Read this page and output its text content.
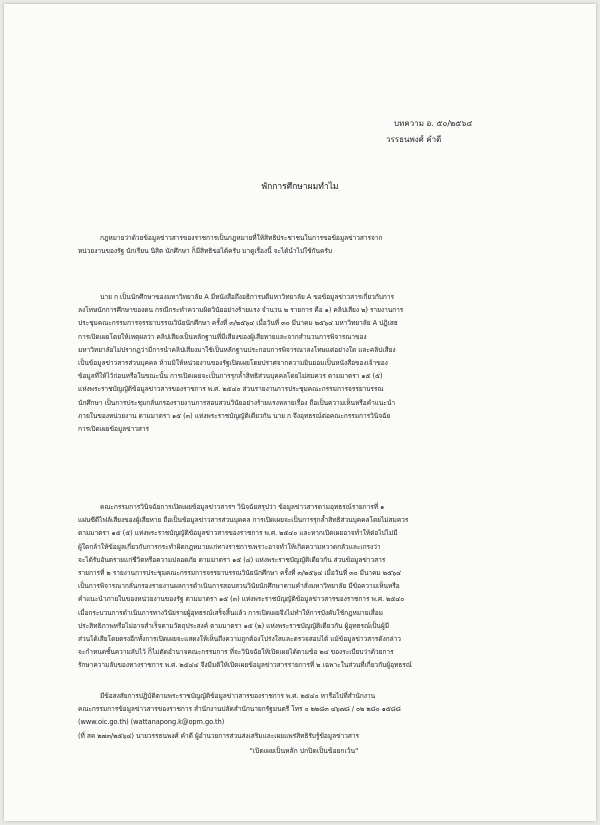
บทความ อ. ๕๐/๒๕๖๔
วรรธนพงศ์ คำดี
พักการศึกษาผมทำไม
กฎหมายว่าด้วยข้อมูลข่าวสารของราชการเป็นกฎหมายที่ให้สิทธิประชาชนในการขอข้อมูลข่าวสารจาก
หน่วยงานของรัฐ นักเรียน นิสิต นักศึกษา ก็มีสิทธิขอได้ครับ มาดูเรื่องนี้ จะได้นำไปใช้กันครับ
นาย ก เป็นนักศึกษาของมหาวิทยาลัย A มีหนังสือถึงอธิการบดีมหาวิทยาลัย A ขอข้อมูลข่าวสารเกี่ยวกับการ
ลงโทษนักการศึกษาของตน กรณีกระทำความผิดวินัยอย่างร้ายแรง จำนวน ๒ รายการ คือ ๑) คลิปเสียง ๒) รายงานการ
ประชุมคณะกรรมการจรรยาบรรณวินัยนักศึกษา ครั้งที่ ๓/๒๕๖๔ เมื่อวันที่ ๓๐ มีนาคม ๒๕๖๔ มหาวิทยาลัย A ปฏิเสธ
การเปิดเผยโดยให้เหตุผลว่า คลิปเสียงเป็นหลักฐานที่มีเสียงของผู้เสียหายและจากสำนวนการพิจารณาของ
มหาวิทยาลัยไม่ปรากฏว่ามีการนำคลิปเสียงมาใช้เป็นหลักฐานประกอบการพิจารณาลงโทษแต่อย่างใด และคลิปเสียง
เป็นข้อมูลข่าวสารส่วนบุคคล ห้ามมิให้หน่วยงานของรัฐเปิดเผยโดยปราศจากความยินยอมเป็นหนังสือของเจ้าของ
ข้อมูลที่ให้ไว้ก่อนหรือในขณะนั้น การเปิดเผยจะเป็นการรุกล้ำสิทธิส่วนบุคคลโดยไม่สมควร ตามมาตรา ๑๕ (๕)
แห่งพระราชบัญญัติข้อมูลข่าวสารของราชการ พ.ศ. ๒๕๔๐ ส่วนรายงานการประชุมคณะกรรมการจรรยาบรรณ
นักศึกษา เป็นการประชุมกลั่นกรองรายงานการสอบสวนวินัยอย่างร้ายแรงหลายเรื่อง ถือเป็นความเห็นหรือคำแนะนำ
ภายในของหน่วยงาน ตามมาตรา ๑๕ (๓) แห่งพระราชบัญญัติเดียวกัน นาย ก จึงอุทธรณ์ต่อคณะกรรมการวินิจฉัย
การเปิดเผยข้อมูลข่าวสาร
คณะกรรมการวินิจฉัยการเปิดเผยข้อมูลข่าวสารฯ วินิจฉัยสรุปว่า ข้อมูลข่าวสารตามอุทธรณ์รายการที่ ๑
แผ่นซีดีไฟล์เสียงของผู้เสียหาย ถือเป็นข้อมูลข่าวสารส่วนบุคคล การเปิดเผยจะเป็นการรุกล้ำสิทธิส่วนบุคคลโดยไม่สมควร
ตามมาตรา ๑๕ (๕) แห่งพระราชบัญญัติข้อมูลข่าวสารของราชการ พ.ศ. ๒๕๔๐ และหากเปิดเผยอาจทำให้ต่อไปไม่มี
ผู้ใดกล้าให้ข้อมูลเกี่ยวกับการกระทำผิดกฎหมายแก่ทางราชการเพราะอาจทำให้เกิดความหวาดกลัวและเกรงว่า
จะได้รับอันตรายแก่ชีวิตหรือความปลอดภัย ตามมาตรา ๑๕ (๔) แห่งพระราชบัญญัติเดียวกัน ส่วนข้อมูลข่าวสาร
รายการที่ ๒ รายงานการประชุมคณะกรรมการจรรยาบรรณวินัยนักศึกษา ครั้งที่ ๓/๒๕๖๔ เมื่อวันที่ ๓๐ มีนาคม ๒๕๖๔
เป็นการพิจารณากลั่นกรองรายงานผลการดำเนินการสอบสวนวินัยนักศึกษาตามคำสั่งมหาวิทยาลัย มีข้อความเห็นหรือ
คำแนะนำภายในของหน่วยงานของรัฐ ตามมาตรา ๑๕ (๓) แห่งพระราชบัญญัติข้อมูลข่าวสารของราชการ พ.ศ. ๒๕๔๐
เมื่อกระบวนการดำเนินการทางวินัยรายผู้อุทธรณ์เสร็จสิ้นแล้ว การเปิดเผยจึงไม่ทำให้การบังคับใช้กฎหมายเสื่อม
ประสิทธิภาพหรือไม่อาจสำเร็จตามวัตถุประสงค์ ตามมาตรา ๑๕ (๒) แห่งพระราชบัญญัติเดียวกัน ผู้อุทธรณ์เป็นผู้มี
ส่วนได้เสียโดยตรงอีกทั้งการเปิดเผยจะแสดงให้เห็นถึงความถูกต้องโปร่งใสและตรวจสอบได้ แม้ข้อมูลข่าวสารดังกล่าว
จะกำหนดชั้นความลับไว้ ก็ไม่ตัดอำนาจคณะกรรมการ ที่จะวินิจฉัยให้เปิดเผยได้ตามข้อ ๒๔ ของระเบียบว่าด้วยการ
รักษาความลับของทางราชการ พ.ศ. ๒๕๔๔ จึงมีมติให้เปิดเผยข้อมูลข่าวสารรายการที่ ๒ เฉพาะในส่วนที่เกี่ยวกับผู้อุทธรณ์
มีข้อสงสัยการปฏิบัติตามพระราชบัญญัติข้อมูลข่าวสารของราชการ พ.ศ. ๒๕๔๐ หารือไปที่สำนักงาน
คณะกรรมการข้อมูลข่าวสารของราชการ สำนักงานปลัดสำนักนายกรัฐมนตรี โทร ๐ ๒๒๘๓ ๔๖๗๘ / ๐๒ ๒๘๐ ๑๕๘๘
(www.oic.go.th) (wattanapong.k@opm.go.th)
(ที่ สค ๒๗๓/๒๕๖๔) นายวรรธนพงศ์ คำดี ผู้อำนวยการส่วนส่งเสริมและเผยแพร่สิทธิรับรู้ข้อมูลข่าวสาร
"เปิดเผยเป็นหลัก ปกปิดเป็นข้อยกเว้น"
